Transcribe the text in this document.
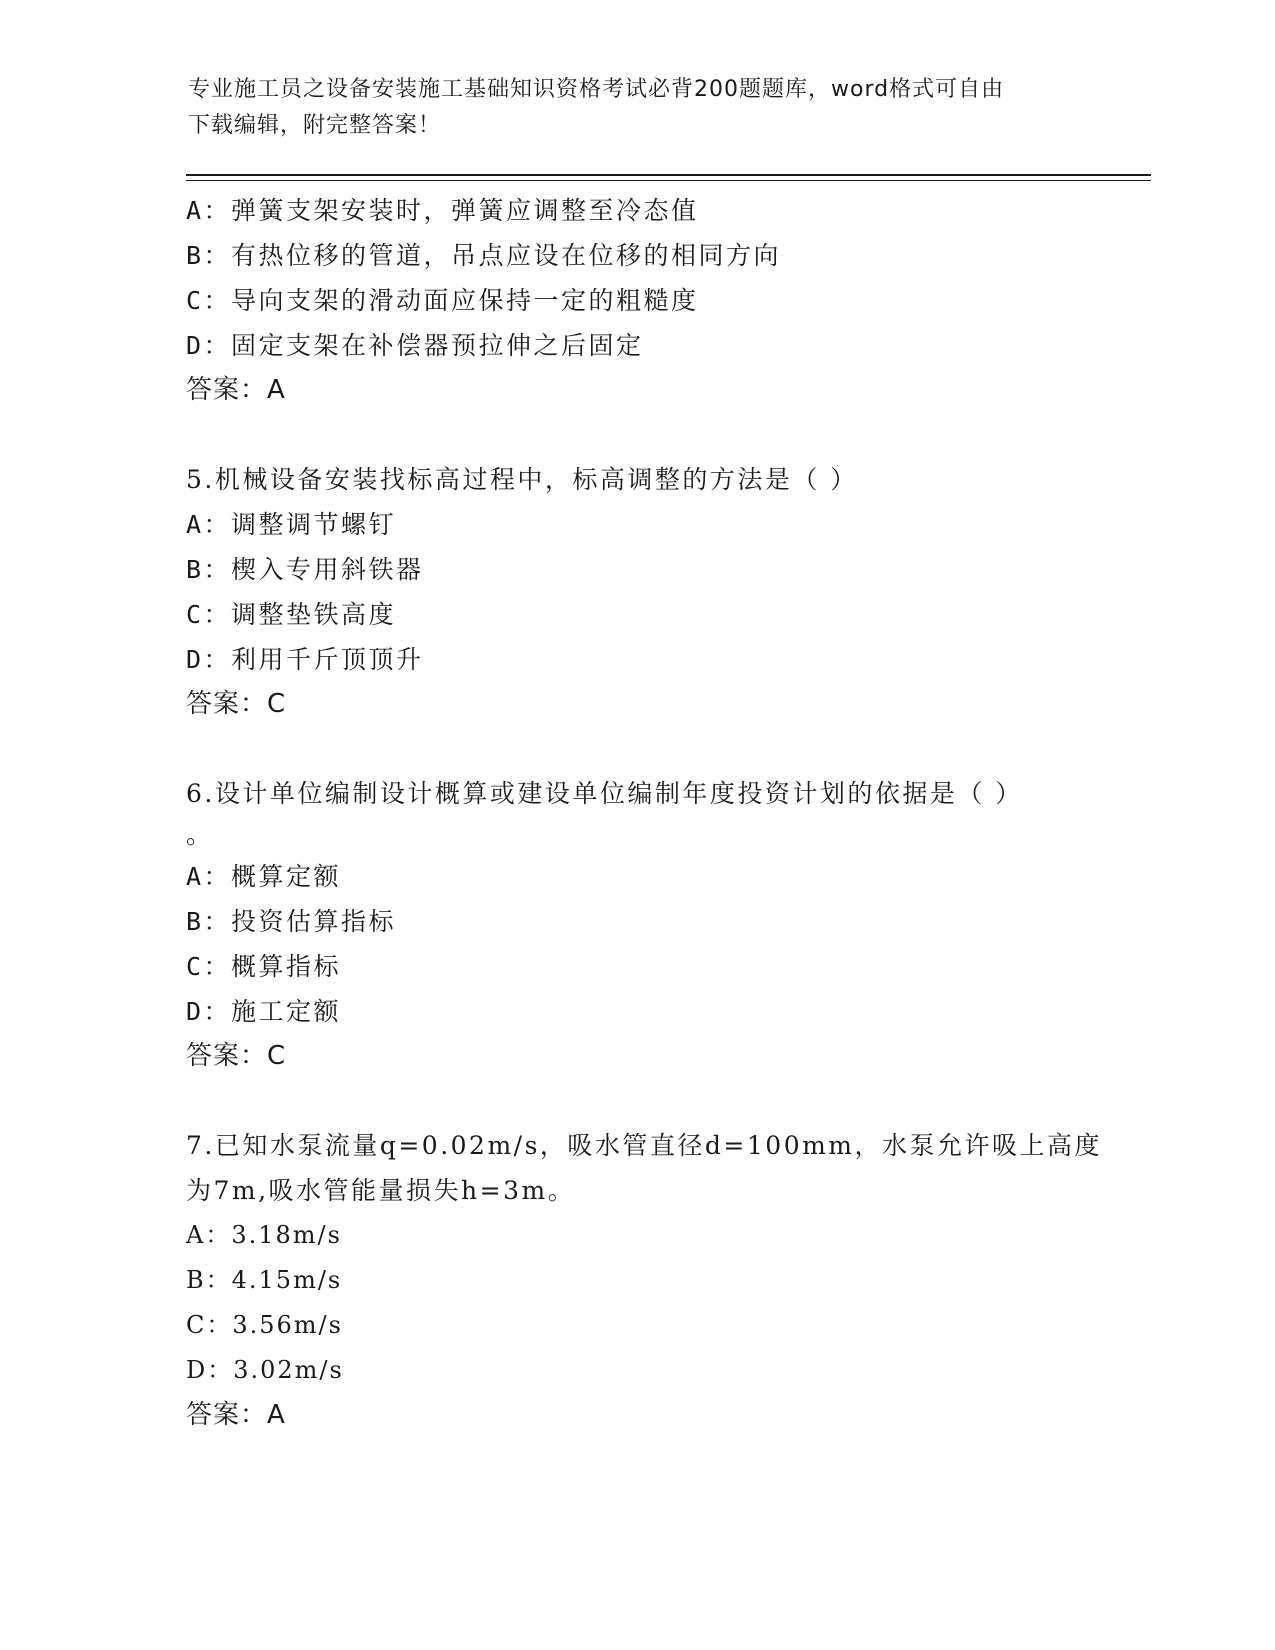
专业施工员之设备安装施工基础知识资格考试必背200题题库，word格式可自由
下载编辑，附完整答案！
A：弹簧支架安装时，弹簧应调整至冷态值
B：有热位移的管道，吊点应设在位移的相同方向
C：导向支架的滑动面应保持一定的粗糙度
D：固定支架在补偿器预拉伸之后固定
答案：A
5.机械设备安装找标高过程中，标高调整的方法是（ ）
A：调整调节螺钉
B：楔入专用斜铁器
C：调整垫铁高度
D：利用千斤顶顶升
答案：C
6.设计单位编制设计概算或建设单位编制年度投资计划的依据是（ ）
。
A：概算定额
B：投资估算指标
C：概算指标
D：施工定额
答案：C
7.已知水泵流量q=0.02m/s，吸水管直径d=100mm，水泵允许吸上高度
为7m,吸水管能量损失h=3m。
A：3.18m/s
B：4.15m/s
C：3.56m/s
D：3.02m/s
答案：A
